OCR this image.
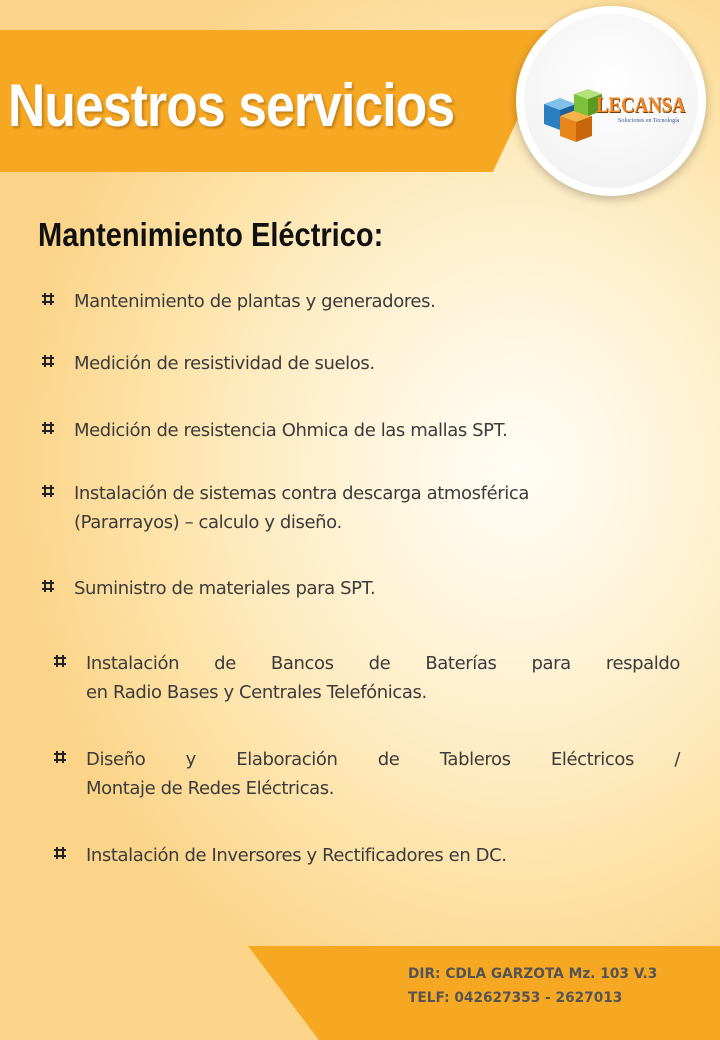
Nuestros servicios	LECANSA

Soluciones en Tecnología

Mantenimiento Eléctrico:
Mantenimiento de plantas y generadores.
Medición de resistividad de suelos.
Medición de resistencia Ohmica de las mallas SPT.
Instalación de sistemas contra descarga atmosférica
(Pararrayos) – calculo y diseño.
Suministro de materiales para SPT.
Instalación de Bancos de Baterías para respaldo
en Radio Bases y Centrales Telefónicas.
Diseño y Elaboración de Tableros Eléctricos /
Montaje de Redes Eléctricas.
Instalación de Inversores y Rectificadores en DC.

DIR: CDLA GARZOTA Mz. 103 V.3

TELF: 042627353 - 2627013
